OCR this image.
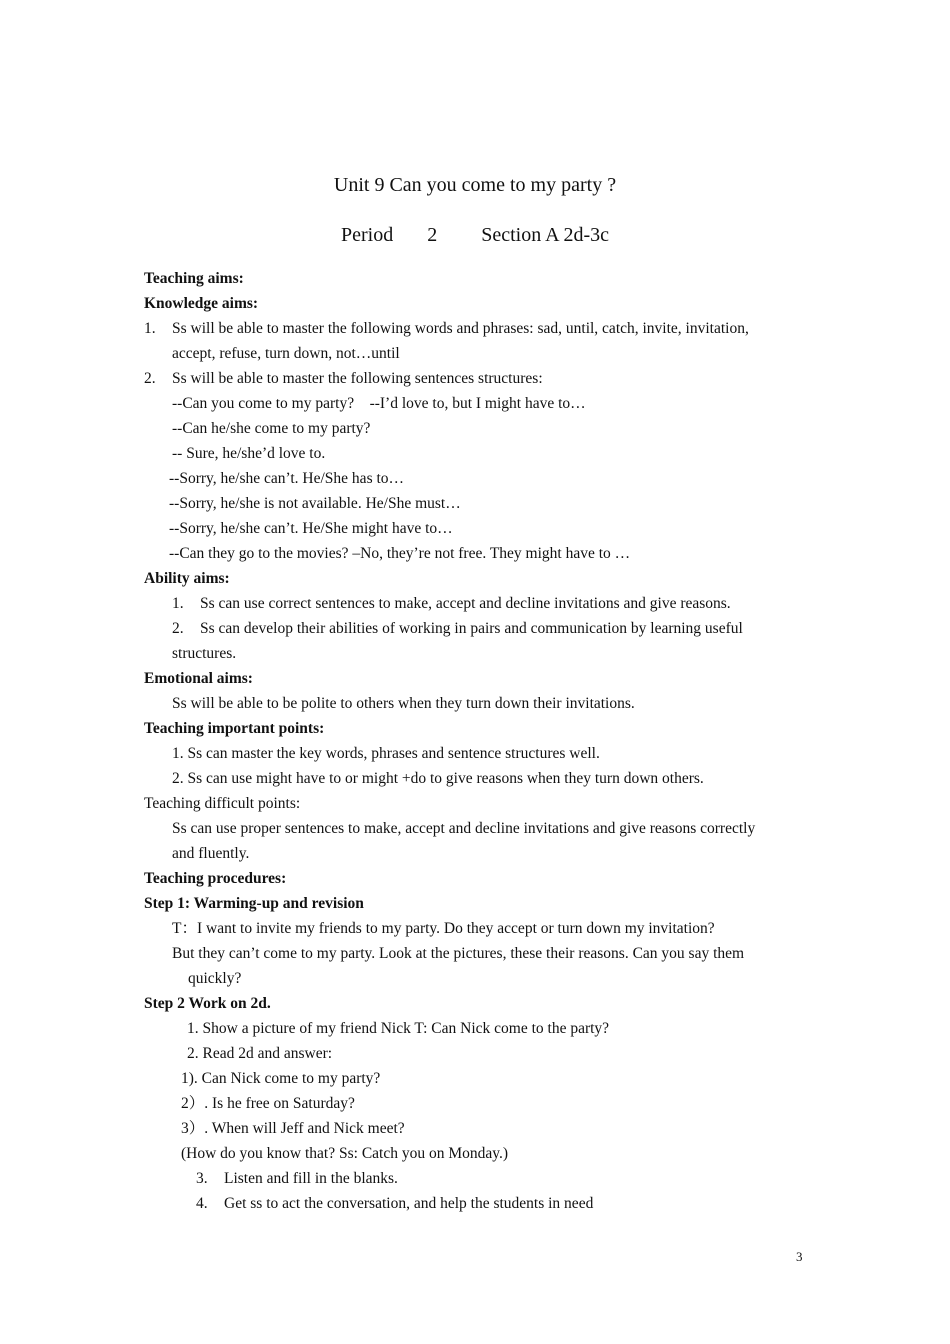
Unit 9 Can you come to my party ?
Period 2 Section A 2d-3c
Teaching aims:
Knowledge aims:
1. Ss will be able to master the following words and phrases: sad, until, catch, invite, invitation,
accept, refuse, turn down, not…until
2. Ss will be able to master the following sentences structures:
--Can you come to my party?    --I’d love to, but I might have to…
--Can he/she come to my party?
-- Sure, he/she’d love to.
--Sorry, he/she can’t. He/She has to…
--Sorry, he/she is not available. He/She must…
--Sorry, he/she can’t. He/She might have to…
--Can they go to the movies? –No, they’re not free. They might have to …
Ability aims:
1. Ss can use correct sentences to make, accept and decline invitations and give reasons.
2. Ss can develop their abilities of working in pairs and communication by learning useful
structures.
Emotional aims:
Ss will be able to be polite to others when they turn down their invitations.
Teaching important points:
1. Ss can master the key words, phrases and sentence structures well.
2. Ss can use might have to or might +do to give reasons when they turn down others.
Teaching difficult points:
Ss can use proper sentences to make, accept and decline invitations and give reasons correctly
and fluently.
Teaching procedures:
Step 1: Warming-up and revision
T：I want to invite my friends to my party. Do they accept or turn down my invitation?
But they can’t come to my party. Look at the pictures, these their reasons. Can you say them
quickly?
Step 2 Work on 2d.
1. Show a picture of my friend Nick T: Can Nick come to the party?
2. Read 2d and answer:
1). Can Nick come to my party?
2）. Is he free on Saturday?
3）. When will Jeff and Nick meet?
(How do you know that? Ss: Catch you on Monday.)
3. Listen and fill in the blanks.
4. Get ss to act the conversation, and help the students in need
3
